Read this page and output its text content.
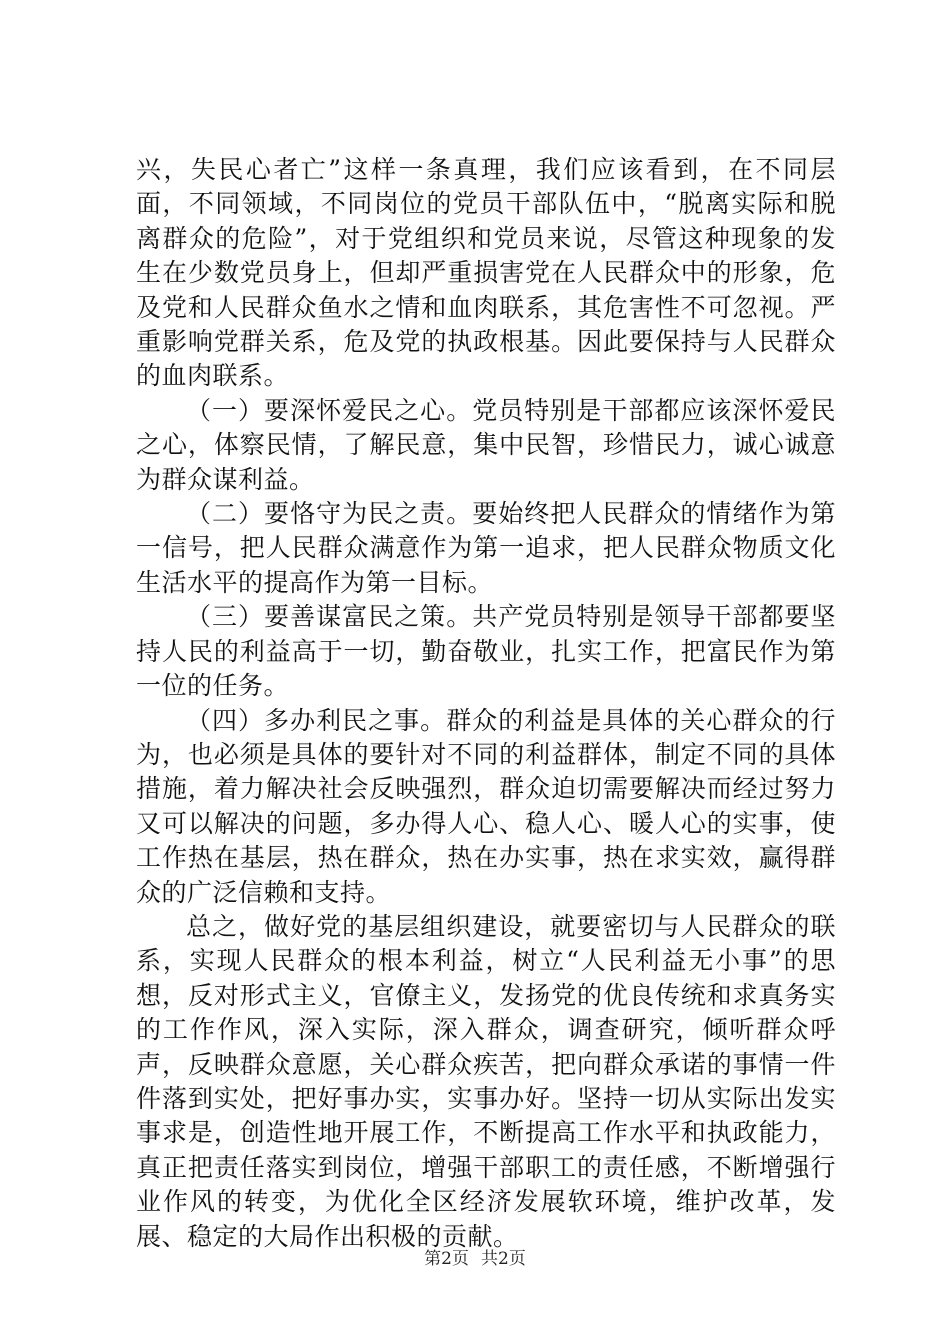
兴，失民心者亡”这样一条真理，我们应该看到，在不同层面，不同领域，不同岗位的党员干部队伍中，“脱离实际和脱离群众的危险”，对于党组织和党员来说，尽管这种现象的发生在少数党员身上，但却严重损害党在人民群众中的形象，危及党和人民群众鱼水之情和血肉联系，其危害性不可忽视。严重影响党群关系，危及党的执政根基。因此要保持与人民群众的血肉联系。

（一）要深怀爱民之心。党员特别是干部都应该深怀爱民之心，体察民情，了解民意，集中民智，珍惜民力，诚心诚意为群众谋利益。

（二）要恪守为民之责。要始终把人民群众的情绪作为第一信号，把人民群众满意作为第一追求，把人民群众物质文化生活水平的提高作为第一目标。

（三）要善谋富民之策。共产党员特别是领导干部都要坚持人民的利益高于一切，勤奋敬业，扎实工作，把富民作为第一位的任务。

（四）多办利民之事。群众的利益是具体的关心群众的行为，也必须是具体的要针对不同的利益群体，制定不同的具体措施，着力解决社会反映强烈，群众迫切需要解决而经过努力又可以解决的问题，多办得人心、稳人心、暖人心的实事，使工作热在基层，热在群众，热在办实事，热在求实效，赢得群众的广泛信赖和支持。

总之，做好党的基层组织建设，就要密切与人民群众的联系，实现人民群众的根本利益，树立“人民利益无小事”的思想，反对形式主义，官僚主义，发扬党的优良传统和求真务实的工作作风，深入实际，深入群众，调查研究，倾听群众呼声，反映群众意愿，关心群众疾苦，把向群众承诺的事情一件件落到实处，把好事办实，实事办好。坚持一切从实际出发实事求是，创造性地开展工作，不断提高工作水平和执政能力，真正把责任落实到岗位，增强干部职工的责任感，不断增强行业作风的转变，为优化全区经济发展软环境，维护改革，发展、稳定的大局作出积极的贡献。

第2页 共2页
